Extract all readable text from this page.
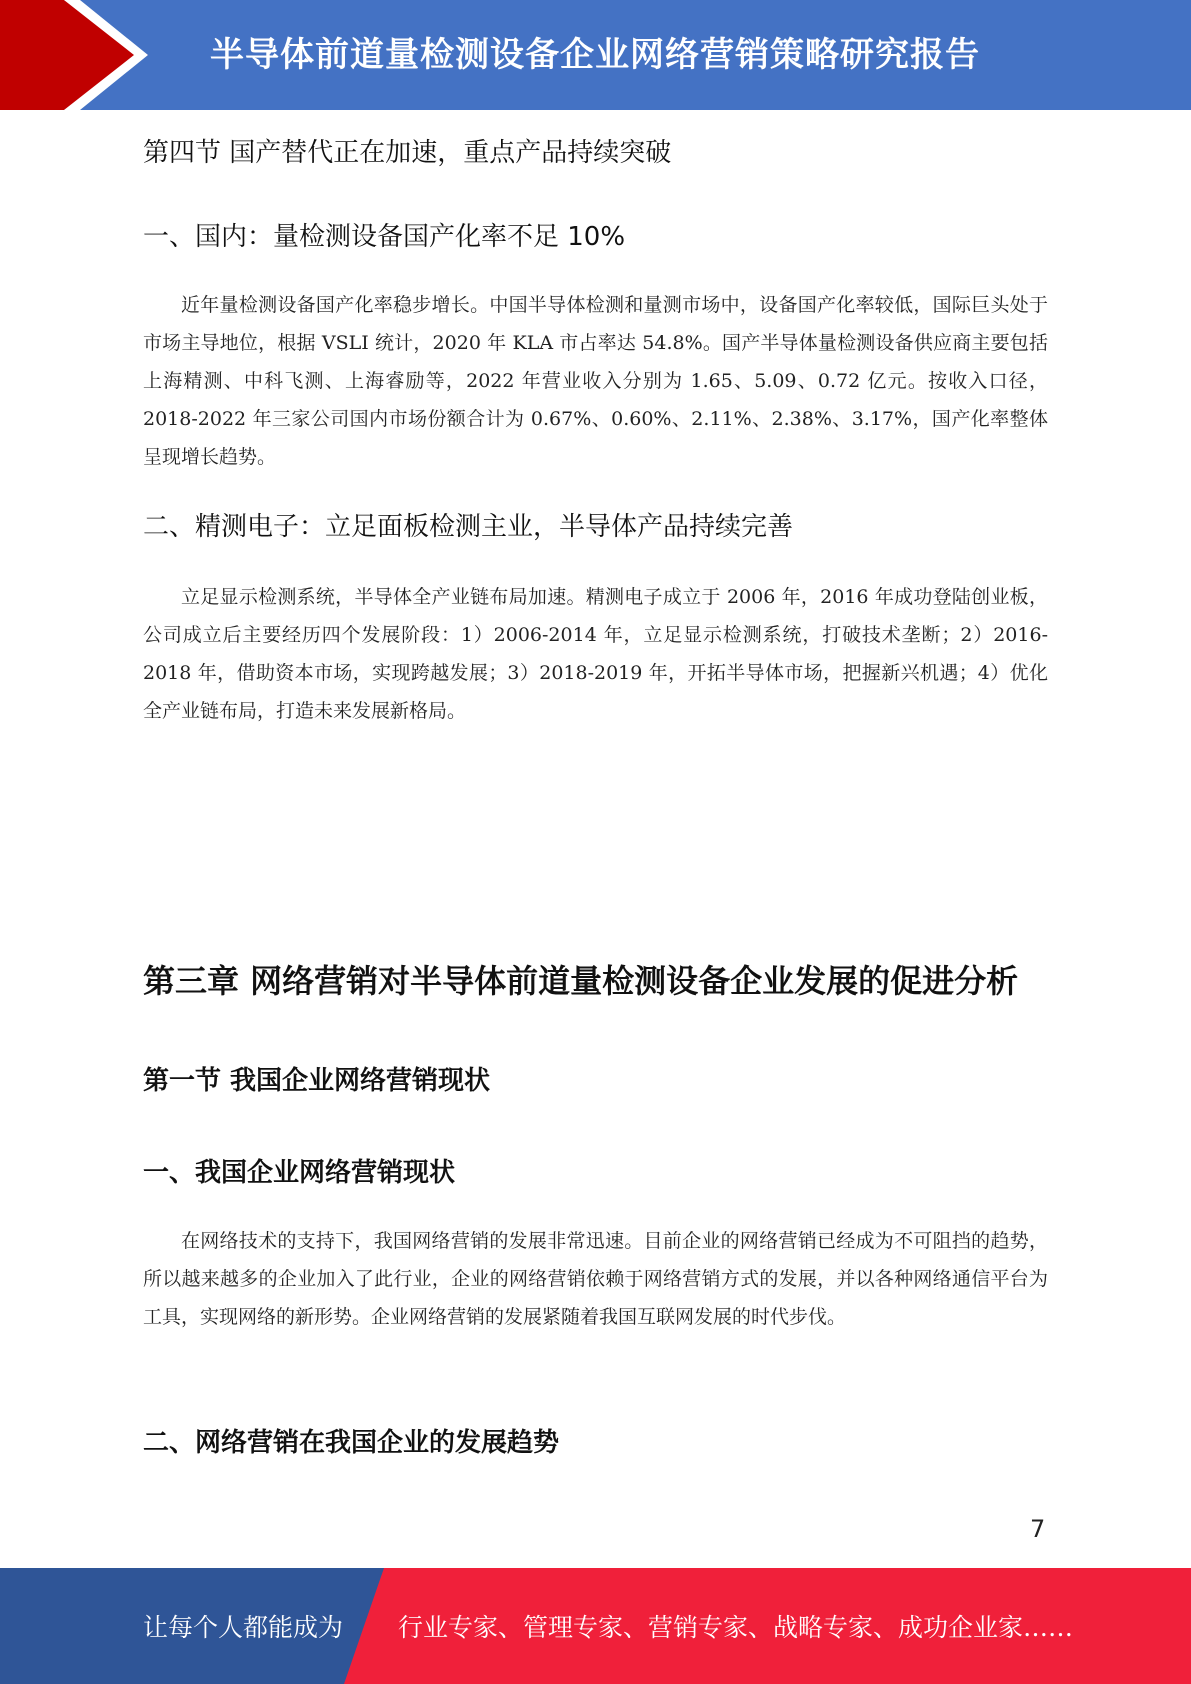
半导体前道量检测设备企业网络营销策略研究报告
第四节 国产替代正在加速，重点产品持续突破
一、国内：量检测设备国产化率不足 10%
近年量检测设备国产化率稳步增长。中国半导体检测和量测市场中，设备国产化率较低，国际巨头处于市场主导地位，根据 VSLI 统计，2020 年 KLA 市占率达 54.8%。国产半导体量检测设备供应商主要包括上海精测、中科飞测、上海睿励等，2022 年营业收入分别为 1.65、5.09、0.72 亿元。按收入口径，2018-2022 年三家公司国内市场份额合计为 0.67%、0.60%、2.11%、2.38%、3.17%，国产化率整体呈现增长趋势。
二、精测电子：立足面板检测主业，半导体产品持续完善
立足显示检测系统，半导体全产业链布局加速。精测电子成立于 2006 年，2016 年成功登陆创业板，公司成立后主要经历四个发展阶段：1）2006-2014 年，立足显示检测系统，打破技术垄断；2）2016-2018 年，借助资本市场，实现跨越发展；3）2018-2019 年，开拓半导体市场，把握新兴机遇；4）优化全产业链布局，打造未来发展新格局。
第三章 网络营销对半导体前道量检测设备企业发展的促进分析
第一节 我国企业网络营销现状
一、我国企业网络营销现状
在网络技术的支持下，我国网络营销的发展非常迅速。目前企业的网络营销已经成为不可阻挡的趋势，所以越来越多的企业加入了此行业，企业的网络营销依赖于网络营销方式的发展，并以各种网络通信平台为工具，实现网络的新形势。企业网络营销的发展紧随着我国互联网发展的时代步伐。
二、网络营销在我国企业的发展趋势
7
让每个人都能成为 行业专家、管理专家、营销专家、战略专家、成功企业家……
